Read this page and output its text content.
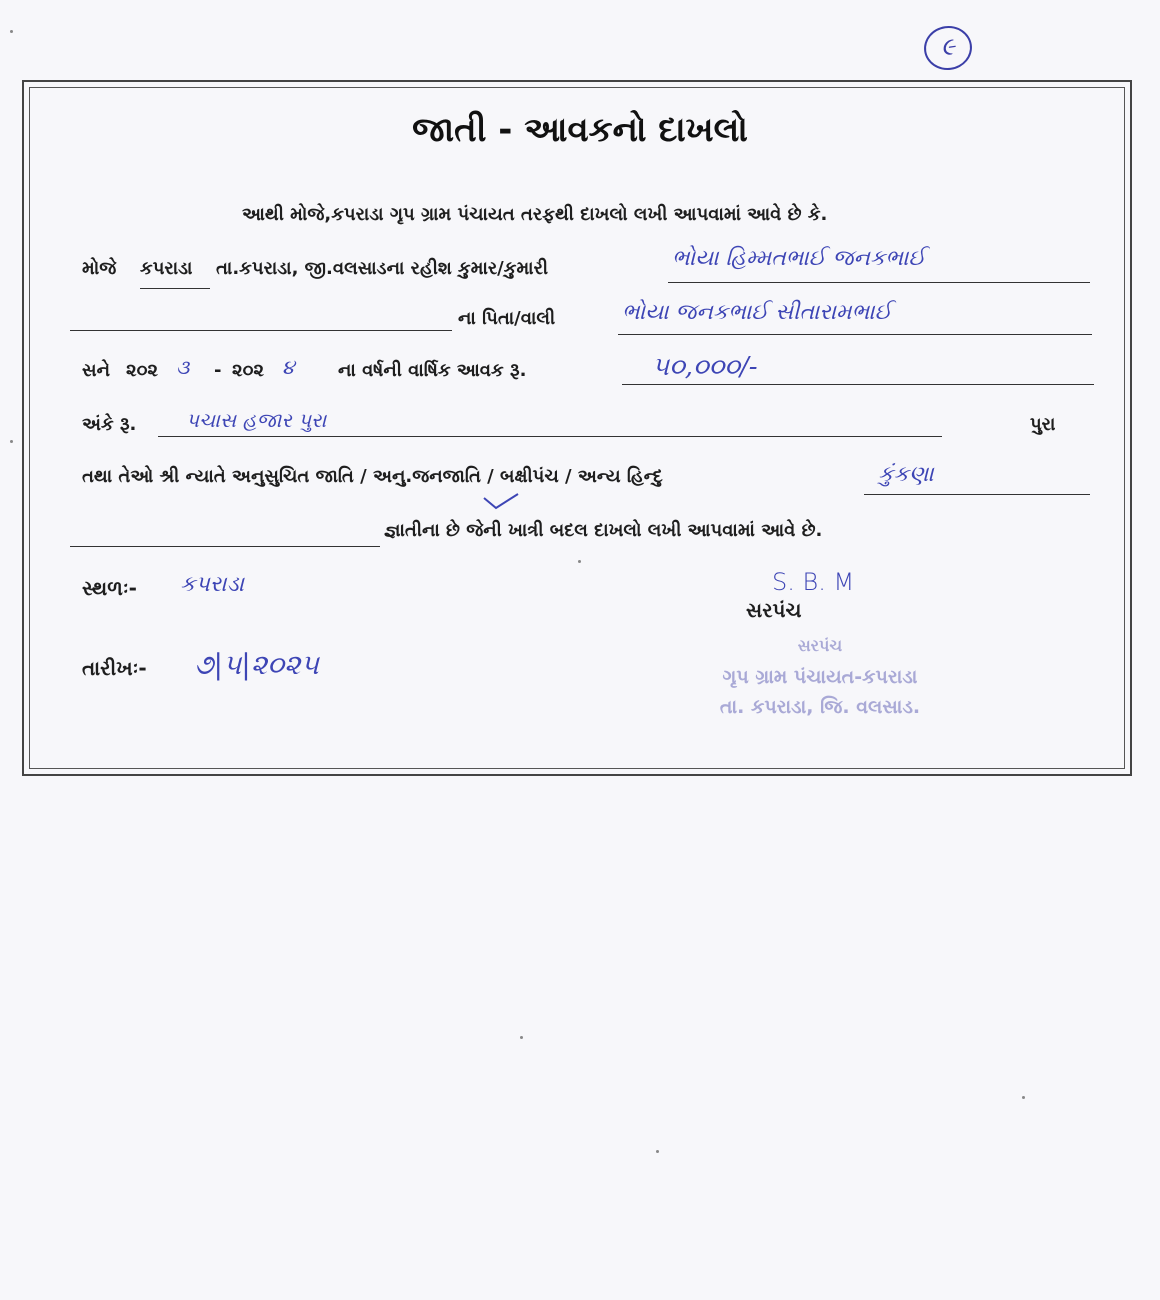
૯
જાતી - આવકનો દાખલો
આથી મોજે,કપરાડા ગૃપ ગ્રામ પંચાયત તરફથી દાખલો લખી આપવામાં આવે છે કે.
મોજે કપરાડા તા.કપરાડા, જી.વલસાડના રહીશ કુમાર/કુમારી	ભોયા હિમ્મતભાઈ જનકભાઈ
ના પિતા/વાલી	ભોયા જનકભાઈ સીતારામભાઈ
સને ૨૦૨ ૩ - ૨૦૨ ૪ ના વર્ષની વાર્ષિક આવક રૂ.	૫૦,૦૦૦/-
અંકે રૂ. પચાસ હજાર પુરા	પુરા
તથા તેઓ શ્રી ન્યાતે અનુસુચિત જાતિ / અનુ.જનજાતિ / બક્ષીપંચ / અન્ય હિન્દુ	કુંકણા
જ્ઞાતીના છે જેની ખાત્રી બદલ દાખલો લખી આપવામાં આવે છે.
સ્થળઃ- કપરાડા
તારીખઃ- ૭|૫|૨૦૨૫
S. B. M
સરપંચ
સરપંચ
ગૃપ ગ્રામ પંચાયત-કપરાડા
તા. કપરાડા, જિ. વલસાડ.
